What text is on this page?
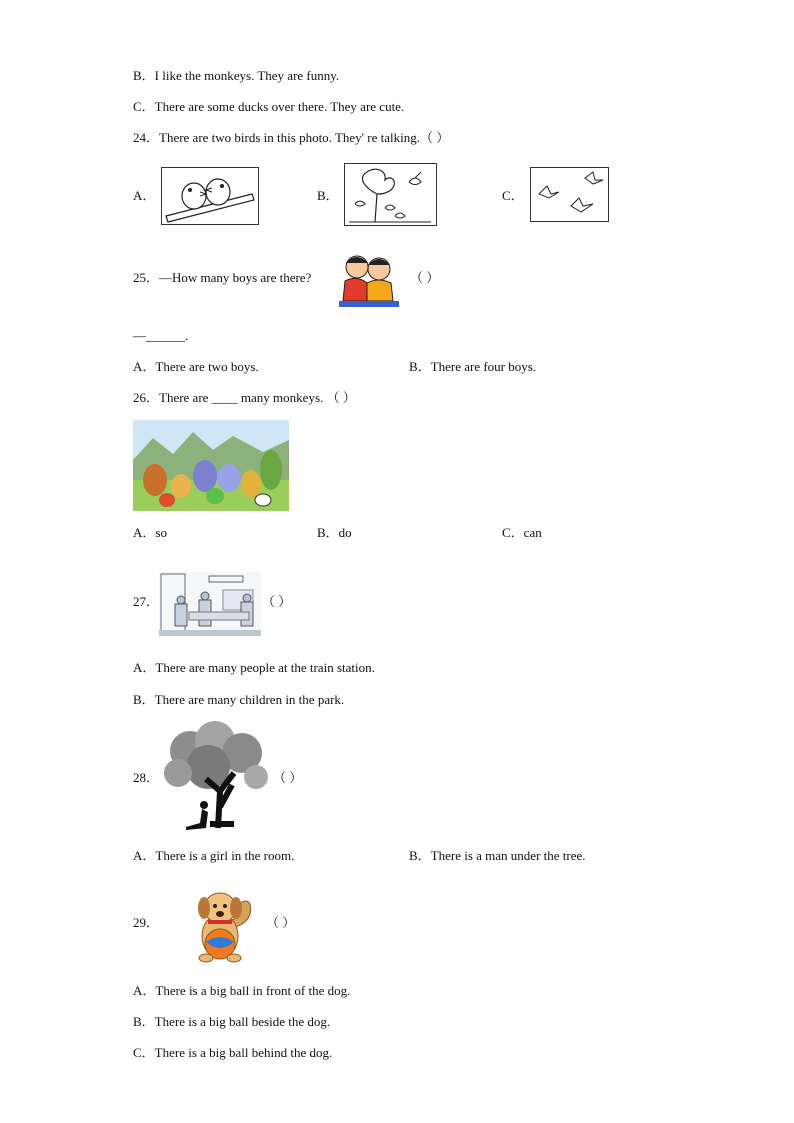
B．I like the monkeys. They are funny.
C．There are some ducks over there. They are cute.
24．There are two birds in this photo. They' re talking.（ ）
A．	B．	C．
25．—How many boys are there?	（ ）
—______.
A．There are two boys.	B．There are four boys.
26．There are ____ many monkeys. （ ）
A．so	B．do	C．can
27．	（ ）
A．There are many people at the train station.
B．There are many children in the park.
28．	（ ）
A．There is a girl in the room.	B．There is a man under the tree.
29．	（ ）
A．There is a big ball in front of the dog.
B．There is a big ball beside the dog.
C．There is a big ball behind the dog.
